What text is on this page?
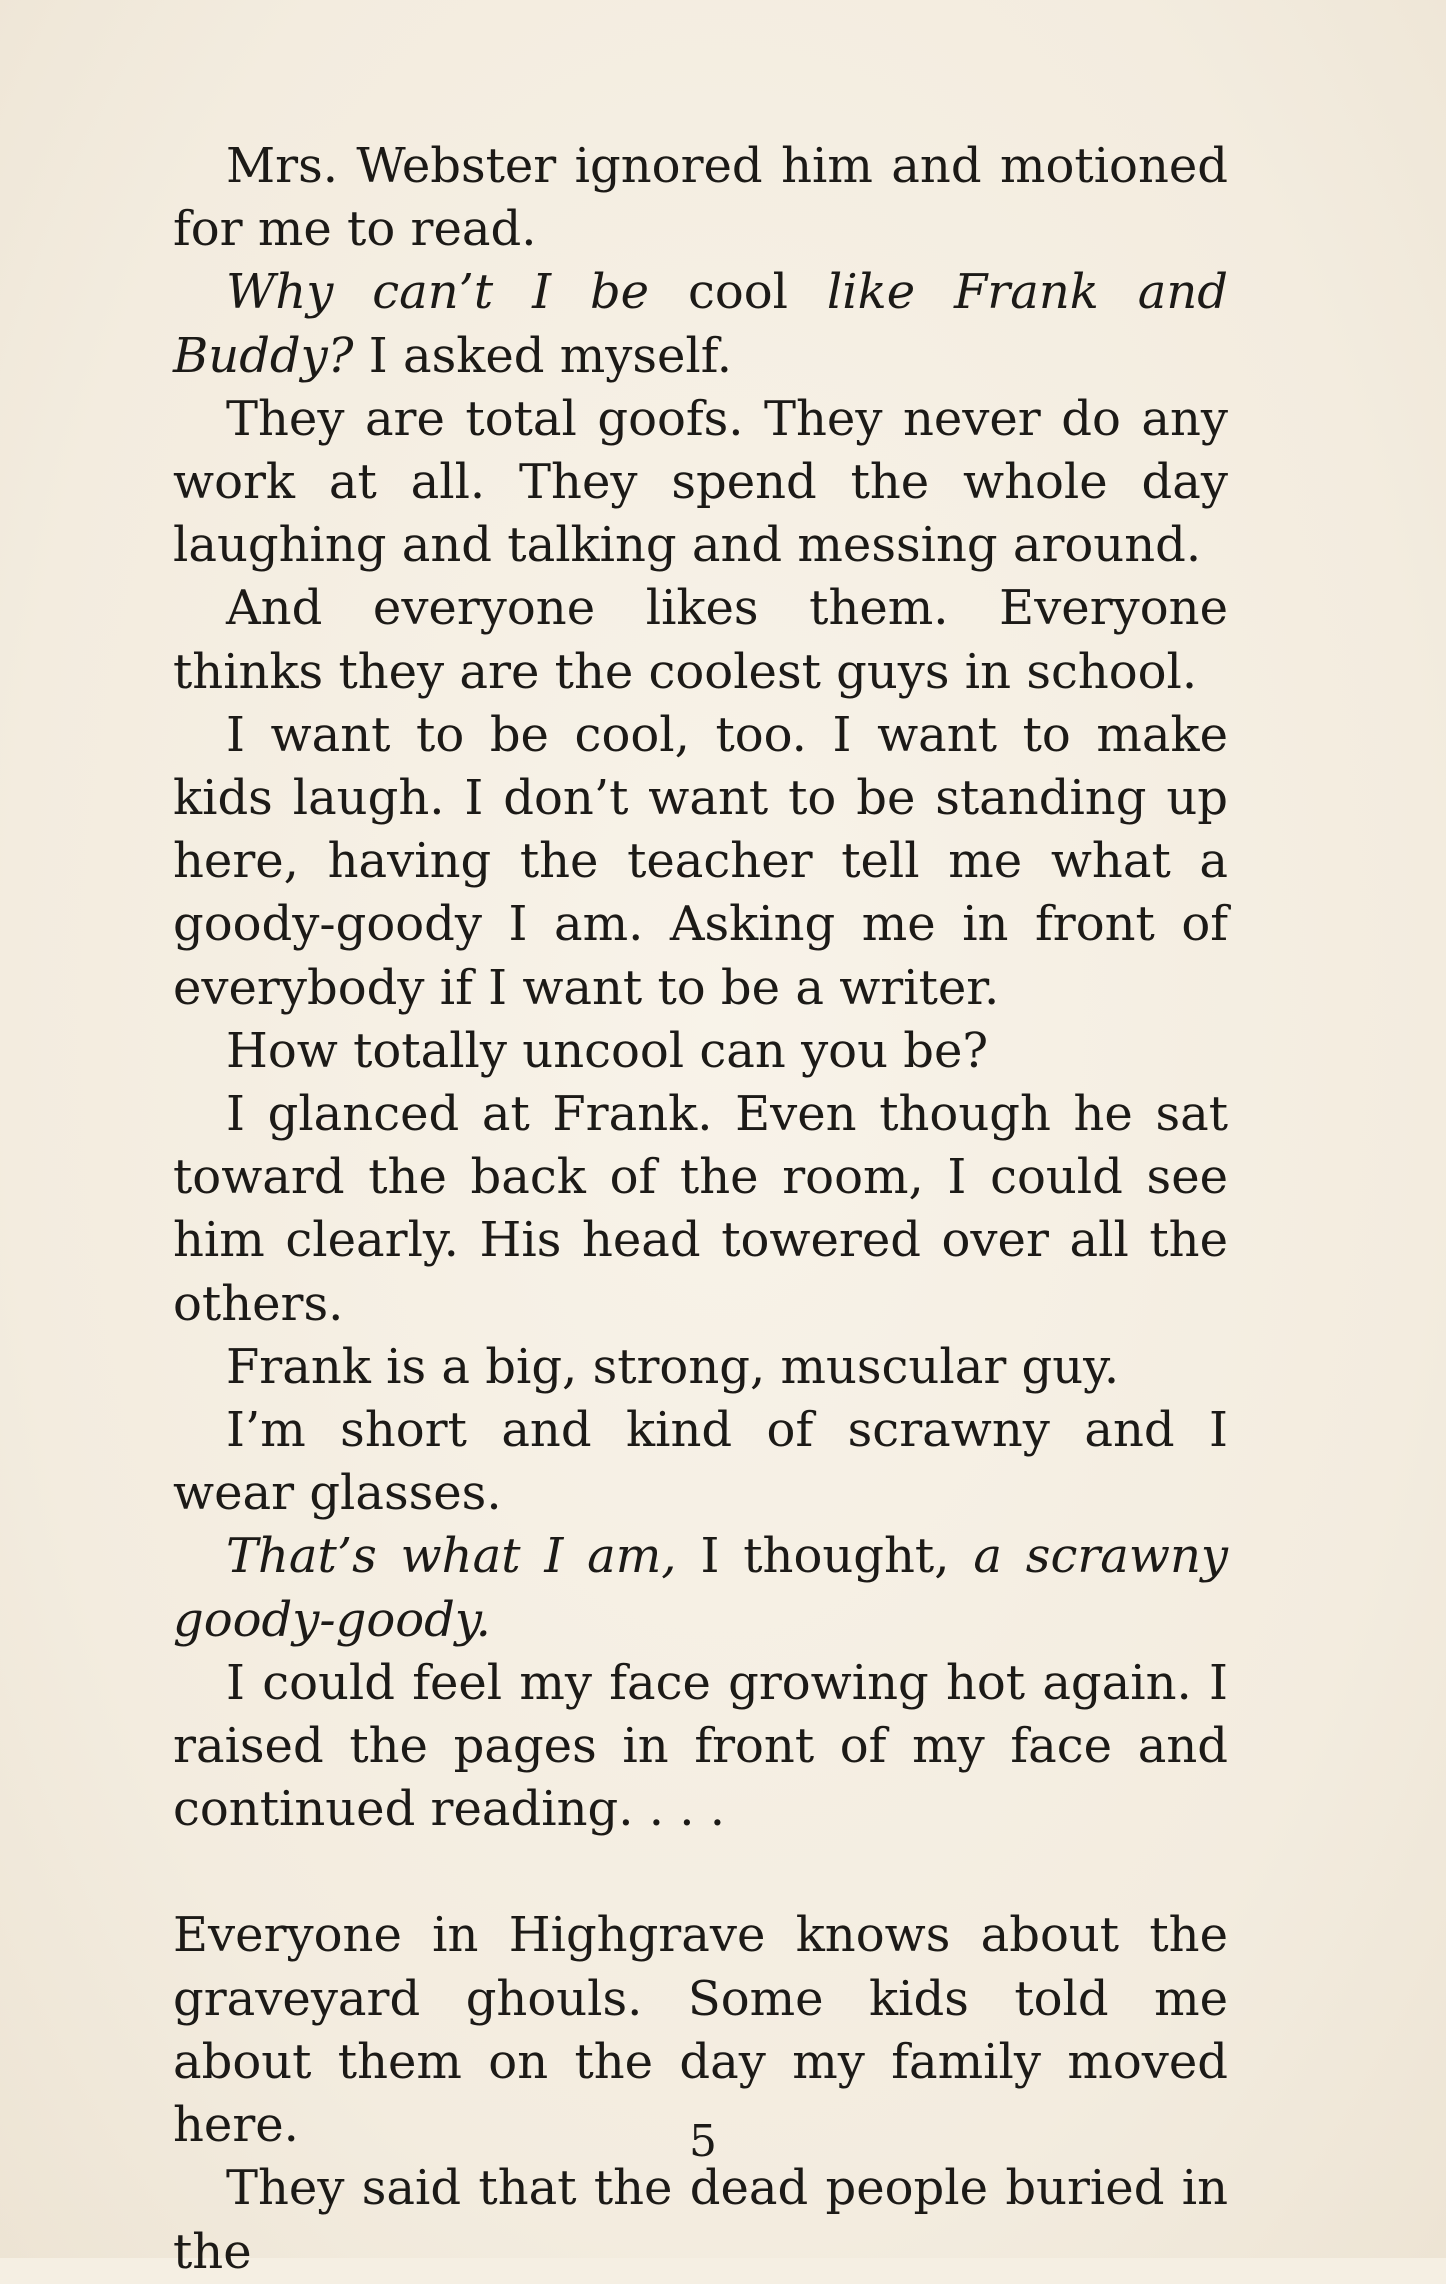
Mrs. Webster ignored him and motioned for me to read.

Why can’t I be cool like Frank and Buddy? I asked myself.

They are total goofs. They never do any work at all. They spend the whole day laughing and talking and messing around.

And everyone likes them. Everyone thinks they are the coolest guys in school.

I want to be cool, too. I want to make kids laugh. I don’t want to be standing up here, having the teacher tell me what a goody-goody I am. Asking me in front of everybody if I want to be a writer.

How totally uncool can you be?

I glanced at Frank. Even though he sat toward the back of the room, I could see him clearly. His head towered over all the others.

Frank is a big, strong, muscular guy.

I’m short and kind of scrawny and I wear glasses.

That’s what I am, I thought, a scrawny goody-goody.

I could feel my face growing hot again. I raised the pages in front of my face and continued reading. . . .

Everyone in Highgrave knows about the graveyard ghouls. Some kids told me about them on the day my family moved here.

They said that the dead people buried in the

5
